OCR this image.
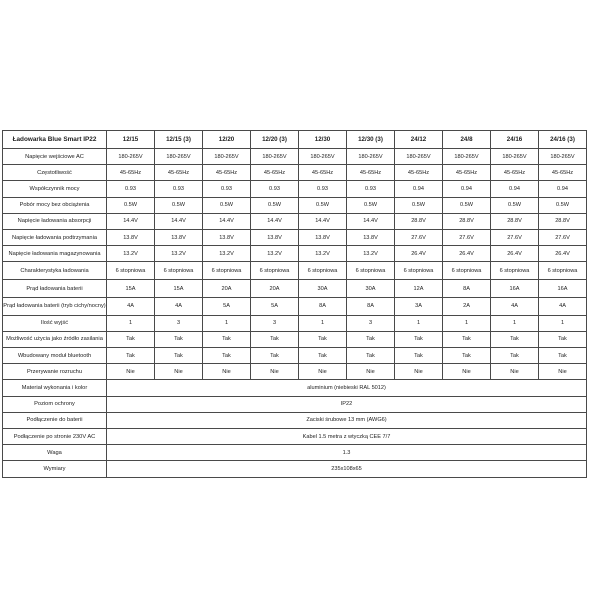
Ładowarka Blue Smart IP22	12/15	12/15 (3)	12/20	12/20 (3)	12/30	12/30 (3)	24/12	24/8	24/16	24/16 (3)
Napięcie wejściowe AC	180-265V	180-265V	180-265V	180-265V	180-265V	180-265V	180-265V	180-265V	180-265V	180-265V
Częstotliwość	45-65Hz	45-65Hz	45-65Hz	45-65Hz	45-65Hz	45-65Hz	45-65Hz	45-65Hz	45-65Hz	45-65Hz
Współczynnik mocy	0.93	0.93	0.93	0.93	0.93	0.93	0.94	0.94	0.94	0.94
Pobór mocy bez obciążenia	0.5W	0.5W	0.5W	0.5W	0.5W	0.5W	0.5W	0.5W	0.5W	0.5W
Napięcie ładowania absorpcji	14.4V	14.4V	14.4V	14.4V	14.4V	14.4V	28.8V	28.8V	28.8V	28.8V
Napięcie ładowania podtrzymania	13.8V	13.8V	13.8V	13.8V	13.8V	13.8V	27.6V	27.6V	27.6V	27.6V
Napięcie ładowania magazynowania	13.2V	13.2V	13.2V	13.2V	13.2V	13.2V	26.4V	26.4V	26.4V	26.4V
Charakterystyka ładowania	6 stopniowa	6 stopniowa	6 stopniowa	6 stopniowa	6 stopniowa	6 stopniowa	6 stopniowa	6 stopniowa	6 stopniowa	6 stopniowa
Prąd ładowania baterii	15A	15A	20A	20A	30A	30A	12A	8A	16A	16A
Prąd ładowania baterii (tryb cichy/nocny)	4A	4A	5A	5A	8A	8A	3A	2A	4A	4A
Ilość wyjść	1	3	1	3	1	3	1	1	1	1
Możliwość użycia jako źródło zasilania	Tak	Tak	Tak	Tak	Tak	Tak	Tak	Tak	Tak	Tak
Wbudowany moduł bluetooth	Tak	Tak	Tak	Tak	Tak	Tak	Tak	Tak	Tak	Tak
Przerywanie rozruchu	Nie	Nie	Nie	Nie	Nie	Nie	Nie	Nie	Nie	Nie
Materiał wykonania i kolor	aluminium (niebieski RAL 5012)									
Poziom ochrony	IP22									
Podłączenie do baterii	Zaciski śrubowe 13 mm (AWG6)									
Podłączenie po stronie 230V AC	Kabel 1.5 metra z wtyczką CEE 7/7									
Waga	1.3									
Wymiary	235x108x65									
